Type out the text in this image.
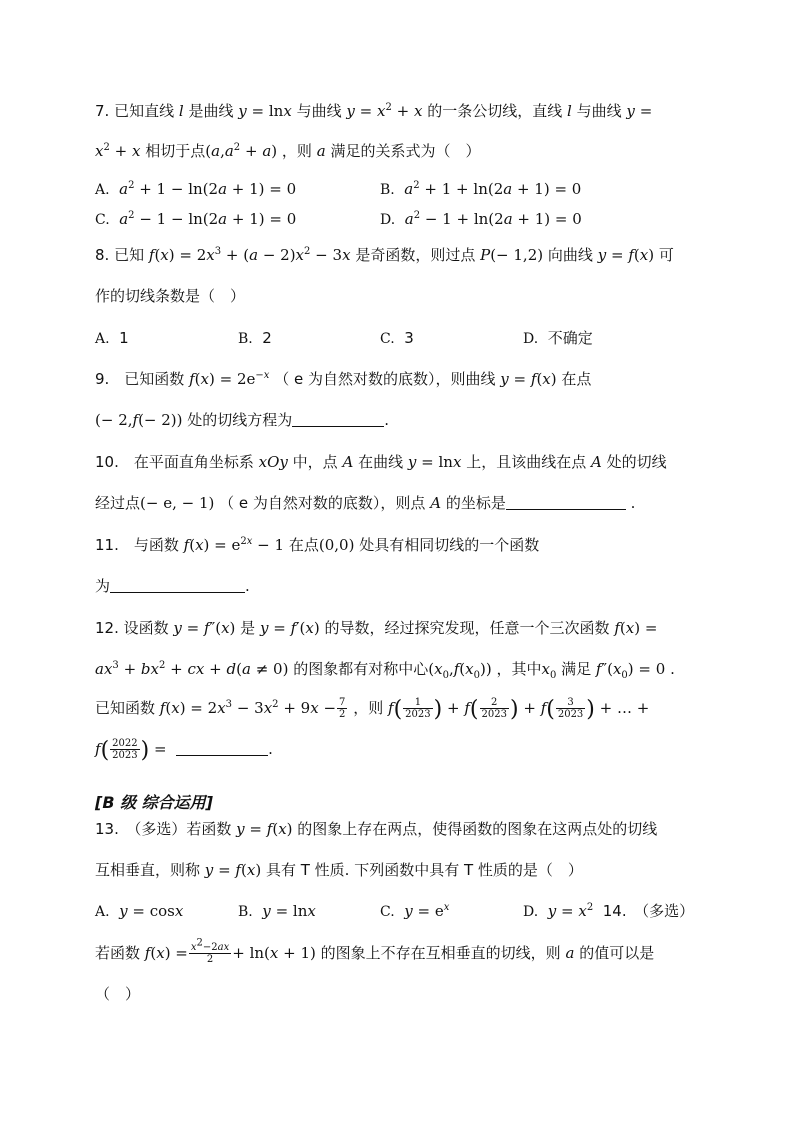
7. 已知直线 l 是曲线 y = lnx 与曲线 $y = x^2 + x$ 的一条公切线，直线 l 与曲线 y =
$x^2 + x$ 相切于点$(a,a^2 + a)$ ，则 a 满足的关系式为（　）
A. $a^2 + 1 - \ln(2a + 1) = 0$	B. $a^2 + 1 + \ln(2a + 1) = 0$
C. $a^2 - 1 - \ln(2a + 1) = 0$	D. $a^2 - 1 + \ln(2a + 1) = 0$
8. 已知 $f(x) = 2x^3 + (a - 2)x^2 - 3x$ 是奇函数，则过点 P(− 1,2) 向曲线 y = f(x) 可
作的切线条数是（　）
A. 1	B. 2	C. 3	D. 不确定
9.　已知函数 $f(x) = 2e^{-x}$ （ e 为自然对数的底数），则曲线 y = f(x) 在点
(− 2,f(− 2)) 处的切线方程为	.
10.　在平面直角坐标系 xOy 中，点 A 在曲线 y = lnx 上，且该曲线在点 A 处的切线
经过点(− e, − 1) （ e 为自然对数的底数），则点 A 的坐标是	.
11.　与函数 $f(x) = e^{2x} - 1$ 在点(0,0) 处具有相同切线的一个函数
为	.
12. 设函数 y = f″(x) 是 y = f′(x) 的导数，经过探究发现，任意一个三次函数 f(x) =
$ax^3 + bx^2$ + cx + d(a ≠ 0) 的图象都有对称中心$(x_0,f(x_0))$ ，其中$x_0$ 满足 $f''(x_0) = 0$ .
已知函数 $f(x) = 2x^3 - 3x^2 + 9x - \frac{7}{2}$ ，则 $f( \frac{1}{2023}$ ) + $f( \frac{2}{2023}$ ) + $f( \frac{3}{2023}$ ) + … +
$f( \frac{2022}{2023}$ ) =	.
[B 级 综合运用]
13.　（多选）若函数 y = f(x) 的图象上存在两点，使得函数的图象在这两点处的切线
互相垂直，则称 y = f(x) 具有 T 性质. 下列函数中具有 T 性质的是（　）
A. y = cosx	B. y = lnx	C. $y = e^x$	D. $y = x^2$ 14.　（多选）
若函数 $f(x) = \frac{x^2-2ax}{2} + \ln(x + 1)$ 的图象上不存在互相垂直的切线，则 a 的值可以是
（　）
